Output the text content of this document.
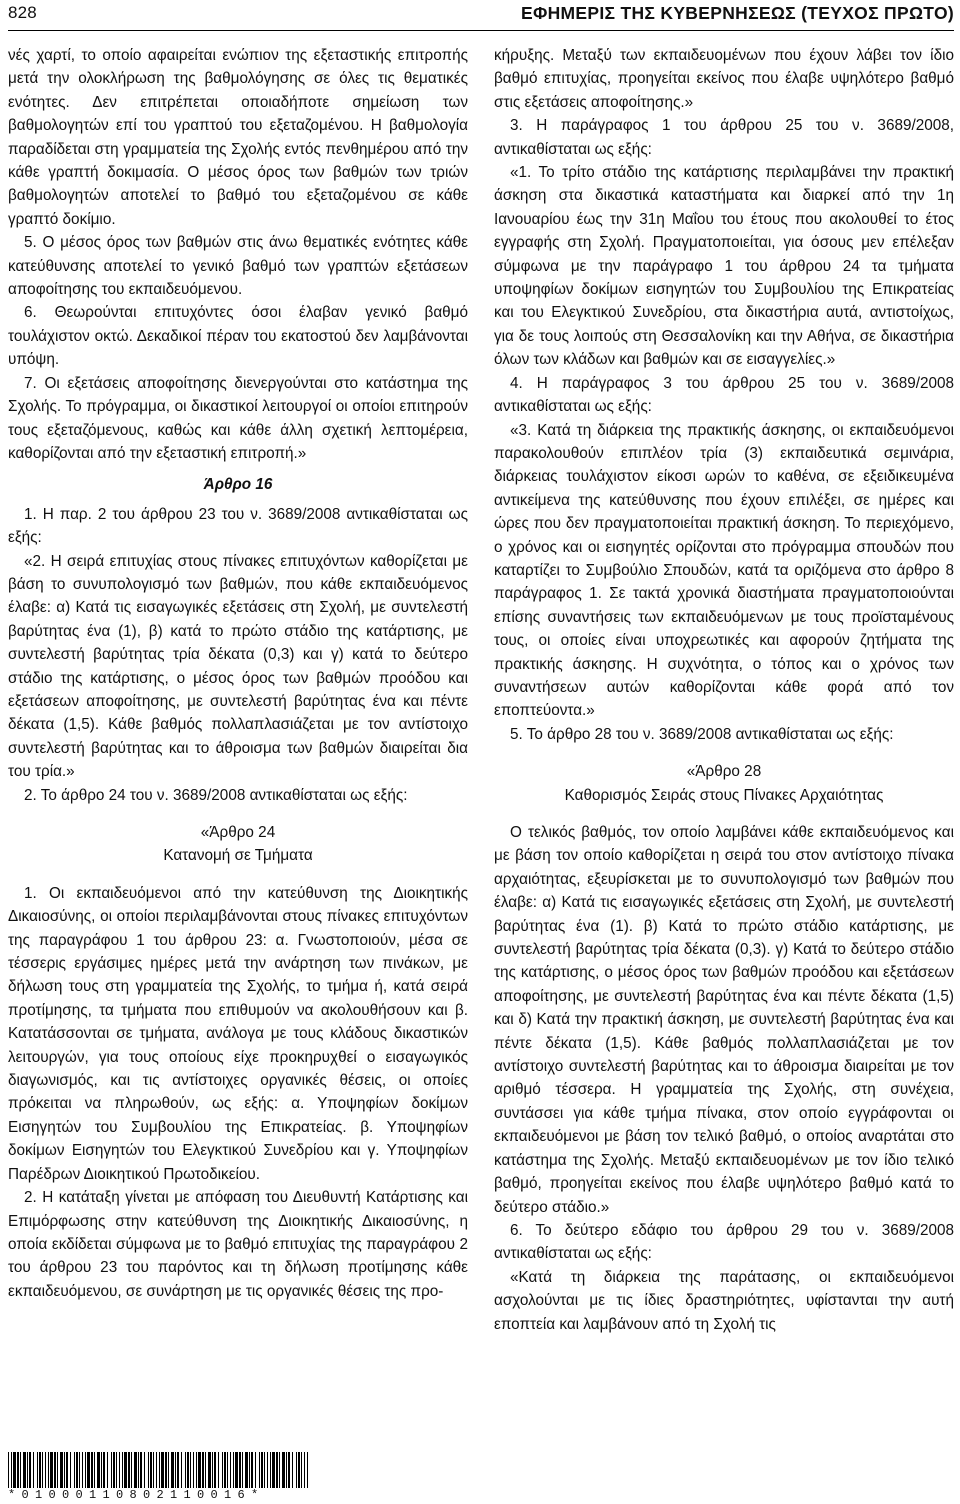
828	ΕΦΗΜΕΡΙΣ ΤΗΣ ΚΥΒΕΡΝΗΣΕΩΣ (ΤΕΥΧΟΣ ΠΡΩΤΟ)

νές χαρτί, το οποίο αφαιρείται ενώπιον της εξεταστικής επιτροπής μετά την ολοκλήρωση της βαθμολόγησης σε όλες τις θεματικές ενότητες. Δεν επιτρέπεται οποιαδήποτε σημείωση των βαθμολογητών επί του γραπτού του εξεταζομένου. Η βαθμολογία παραδίδεται στη γραμματεία της Σχολής εντός πενθημέρου από την κάθε γραπτή δοκιμασία. Ο μέσος όρος των βαθμών των τριών βαθμολογητών αποτελεί το βαθμό του εξεταζομένου σε κάθε γραπτό δοκίμιο.

5. Ο μέσος όρος των βαθμών στις άνω θεματικές ενότητες κάθε κατεύθυνσης αποτελεί το γενικό βαθμό των γραπτών εξετάσεων αποφοίτησης του εκπαιδευόμενου.

6. Θεωρούνται επιτυχόντες όσοι έλαβαν γενικό βαθμό τουλάχιστον οκτώ. Δεκαδικοί πέραν του εκατοστού δεν λαμβάνονται υπόψη.

7. Οι εξετάσεις αποφοίτησης διενεργούνται στο κατάστημα της Σχολής. Το πρόγραμμα, οι δικαστικοί λειτουργοί οι οποίοι επιτηρούν τους εξεταζόμενους, καθώς και κάθε άλλη σχετική λεπτομέρεια, καθορίζονται από την εξεταστική επιτροπή.»

Άρθρο 16

1. Η παρ. 2 του άρθρου 23 του ν. 3689/2008 αντικαθίσταται ως εξής:

«2. Η σειρά επιτυχίας στους πίνακες επιτυχόντων καθορίζεται με βάση το συνυπολογισμό των βαθμών, που κάθε εκπαιδευόμενος έλαβε: α) Κατά τις εισαγωγικές εξετάσεις στη Σχολή, με συντελεστή βαρύτητας ένα (1), β) κατά το πρώτο στάδιο της κατάρτισης, με συντελεστή βαρύτητας τρία δέκατα (0,3) και γ) κατά το δεύτερο στάδιο της κατάρτισης, ο μέσος όρος των βαθμών προόδου και εξετάσεων αποφοίτησης, με συντελεστή βαρύτητας ένα και πέντε δέκατα (1,5). Κάθε βαθμός πολλαπλασιάζεται με τον αντίστοιχο συντελεστή βαρύτητας και το άθροισμα των βαθμών διαιρείται δια του τρία.»

2. Το άρθρο 24 του ν. 3689/2008 αντικαθίσταται ως εξής:

«Άρθρο 24

Κατανομή σε Τμήματα

1. Οι εκπαιδευόμενοι από την κατεύθυνση της Διοικητικής Δικαιοσύνης, οι οποίοι περιλαμβάνονται στους πίνακες επιτυχόντων της παραγράφου 1 του άρθρου 23: α. Γνωστοποιούν, μέσα σε τέσσερις εργάσιμες ημέρες μετά την ανάρτηση των πινάκων, με δήλωση τους στη γραμματεία της Σχολής, το τμήμα ή, κατά σειρά προτίμησης, τα τμήματα που επιθυμούν να ακολουθήσουν και β. Κατατάσσονται σε τμήματα, ανάλογα με τους κλάδους δικαστικών λειτουργών, για τους οποίους είχε προκηρυχθεί ο εισαγωγικός διαγωνισμός, και τις αντίστοιχες οργανικές θέσεις, οι οποίες πρόκειται να πληρωθούν, ως εξής: α. Υποψηφίων δοκίμων Εισηγητών του Συμβουλίου της Επικρατείας. β. Υποψηφίων δοκίμων Εισηγητών του Ελεγκτικού Συνεδρίου και γ. Υποψηφίων Παρέδρων Διοικητικού Πρωτοδικείου.

2. Η κατάταξη γίνεται με απόφαση του Διευθυντή Κατάρτισης και Επιμόρφωσης στην κατεύθυνση της Διοικητικής Δικαιοσύνης, η οποία εκδίδεται σύμφωνα με το βαθμό επιτυχίας της παραγράφου 2 του άρθρου 23 του παρόντος και τη δήλωση προτίμησης κάθε εκπαιδευόμενου, σε συνάρτηση με τις οργανικές θέσεις της προ-

κήρυξης. Μεταξύ των εκπαιδευομένων που έχουν λάβει τον ίδιο βαθμό επιτυχίας, προηγείται εκείνος που έλαβε υψηλότερο βαθμό στις εξετάσεις αποφοίτησης.»

3. Η παράγραφος 1 του άρθρου 25 του ν. 3689/2008, αντικαθίσταται ως εξής:

«1. Το τρίτο στάδιο της κατάρτισης περιλαμβάνει την πρακτική άσκηση στα δικαστικά καταστήματα και διαρκεί από την 1η Ιανουαρίου έως την 31η Μαΐου του έτους που ακολουθεί το έτος εγγραφής στη Σχολή. Πραγματοποιείται, για όσους μεν επέλεξαν σύμφωνα με την παράγραφο 1 του άρθρου 24 τα τμήματα υποψηφίων δοκίμων εισηγητών του Συμβουλίου της Επικρατείας και του Ελεγκτικού Συνεδρίου, στα δικαστήρια αυτά, αντιστοίχως, για δε τους λοιπούς στη Θεσσαλονίκη και την Αθήνα, σε δικαστήρια όλων των κλάδων και βαθμών και σε εισαγγελίες.»

4. Η παράγραφος 3 του άρθρου 25 του ν. 3689/2008 αντικαθίσταται ως εξής:

«3. Κατά τη διάρκεια της πρακτικής άσκησης, οι εκπαιδευόμενοι παρακολουθούν επιπλέον τρία (3) εκπαιδευτικά σεμινάρια, διάρκειας τουλάχιστον είκοσι ωρών το καθένα, σε εξειδικευμένα αντικείμενα της κατεύθυνσης που έχουν επιλέξει, σε ημέρες και ώρες που δεν πραγματοποιείται πρακτική άσκηση. Το περιεχόμενο, ο χρόνος και οι εισηγητές ορίζονται στο πρόγραμμα σπουδών που καταρτίζει το Συμβούλιο Σπουδών, κατά τα οριζόμενα στο άρθρο 8 παράγραφος 1. Σε τακτά χρονικά διαστήματα πραγματοποιούνται επίσης συναντήσεις των εκπαιδευόμενων με τους προϊσταμένους τους, οι οποίες είναι υποχρεωτικές και αφορούν ζητήματα της πρακτικής άσκησης. Η συχνότητα, ο τόπος και ο χρόνος των συναντήσεων αυτών καθορίζονται κάθε φορά από τον εποπτεύοντα.»

5. Το άρθρο 28 του ν. 3689/2008 αντικαθίσταται ως εξής:

«Άρθρο 28

Καθορισμός Σειράς στους Πίνακες Αρχαιότητας

Ο τελικός βαθμός, τον οποίο λαμβάνει κάθε εκπαιδευόμενος και με βάση τον οποίο καθορίζεται η σειρά του στον αντίστοιχο πίνακα αρχαιότητας, εξευρίσκεται με το συνυπολογισμό των βαθμών που έλαβε: α) Κατά τις εισαγωγικές εξετάσεις στη Σχολή, με συντελεστή βαρύτητας ένα (1). β) Κατά το πρώτο στάδιο κατάρτισης, με συντελεστή βαρύτητας τρία δέκατα (0,3). γ) Κατά το δεύτερο στάδιο της κατάρτισης, ο μέσος όρος των βαθμών προόδου και εξετάσεων αποφοίτησης, με συντελεστή βαρύτητας ένα και πέντε δέκατα (1,5) και δ) Κατά την πρακτική άσκηση, με συντελεστή βαρύτητας ένα και πέντε δέκατα (1,5). Κάθε βαθμός πολλαπλασιάζεται με τον αντίστοιχο συντελεστή βαρύτητας και το άθροισμα διαιρείται με τον αριθμό τέσσερα. Η γραμματεία της Σχολής, στη συνέχεια, συντάσσει για κάθε τμήμα πίνακα, στον οποίο εγγράφονται οι εκπαιδευόμενοι με βάση τον τελικό βαθμό, ο οποίος αναρτάται στο κατάστημα της Σχολής. Μεταξύ εκπαιδευομένων με τον ίδιο τελικό βαθμό, προηγείται εκείνος που έλαβε υψηλότερο βαθμό κατά το δεύτερο στάδιο.»

6. Το δεύτερο εδάφιο του άρθρου 29 του ν. 3689/2008 αντικαθίσταται ως εξής:

«Κατά τη διάρκεια της παράτασης, οι εκπαιδευόμενοι ασχολούνται με τις ίδιες δραστηριότητες, υφίστανται την αυτή εποπτεία και λαμβάνουν από τη Σχολή τις

*01000110802110016*
